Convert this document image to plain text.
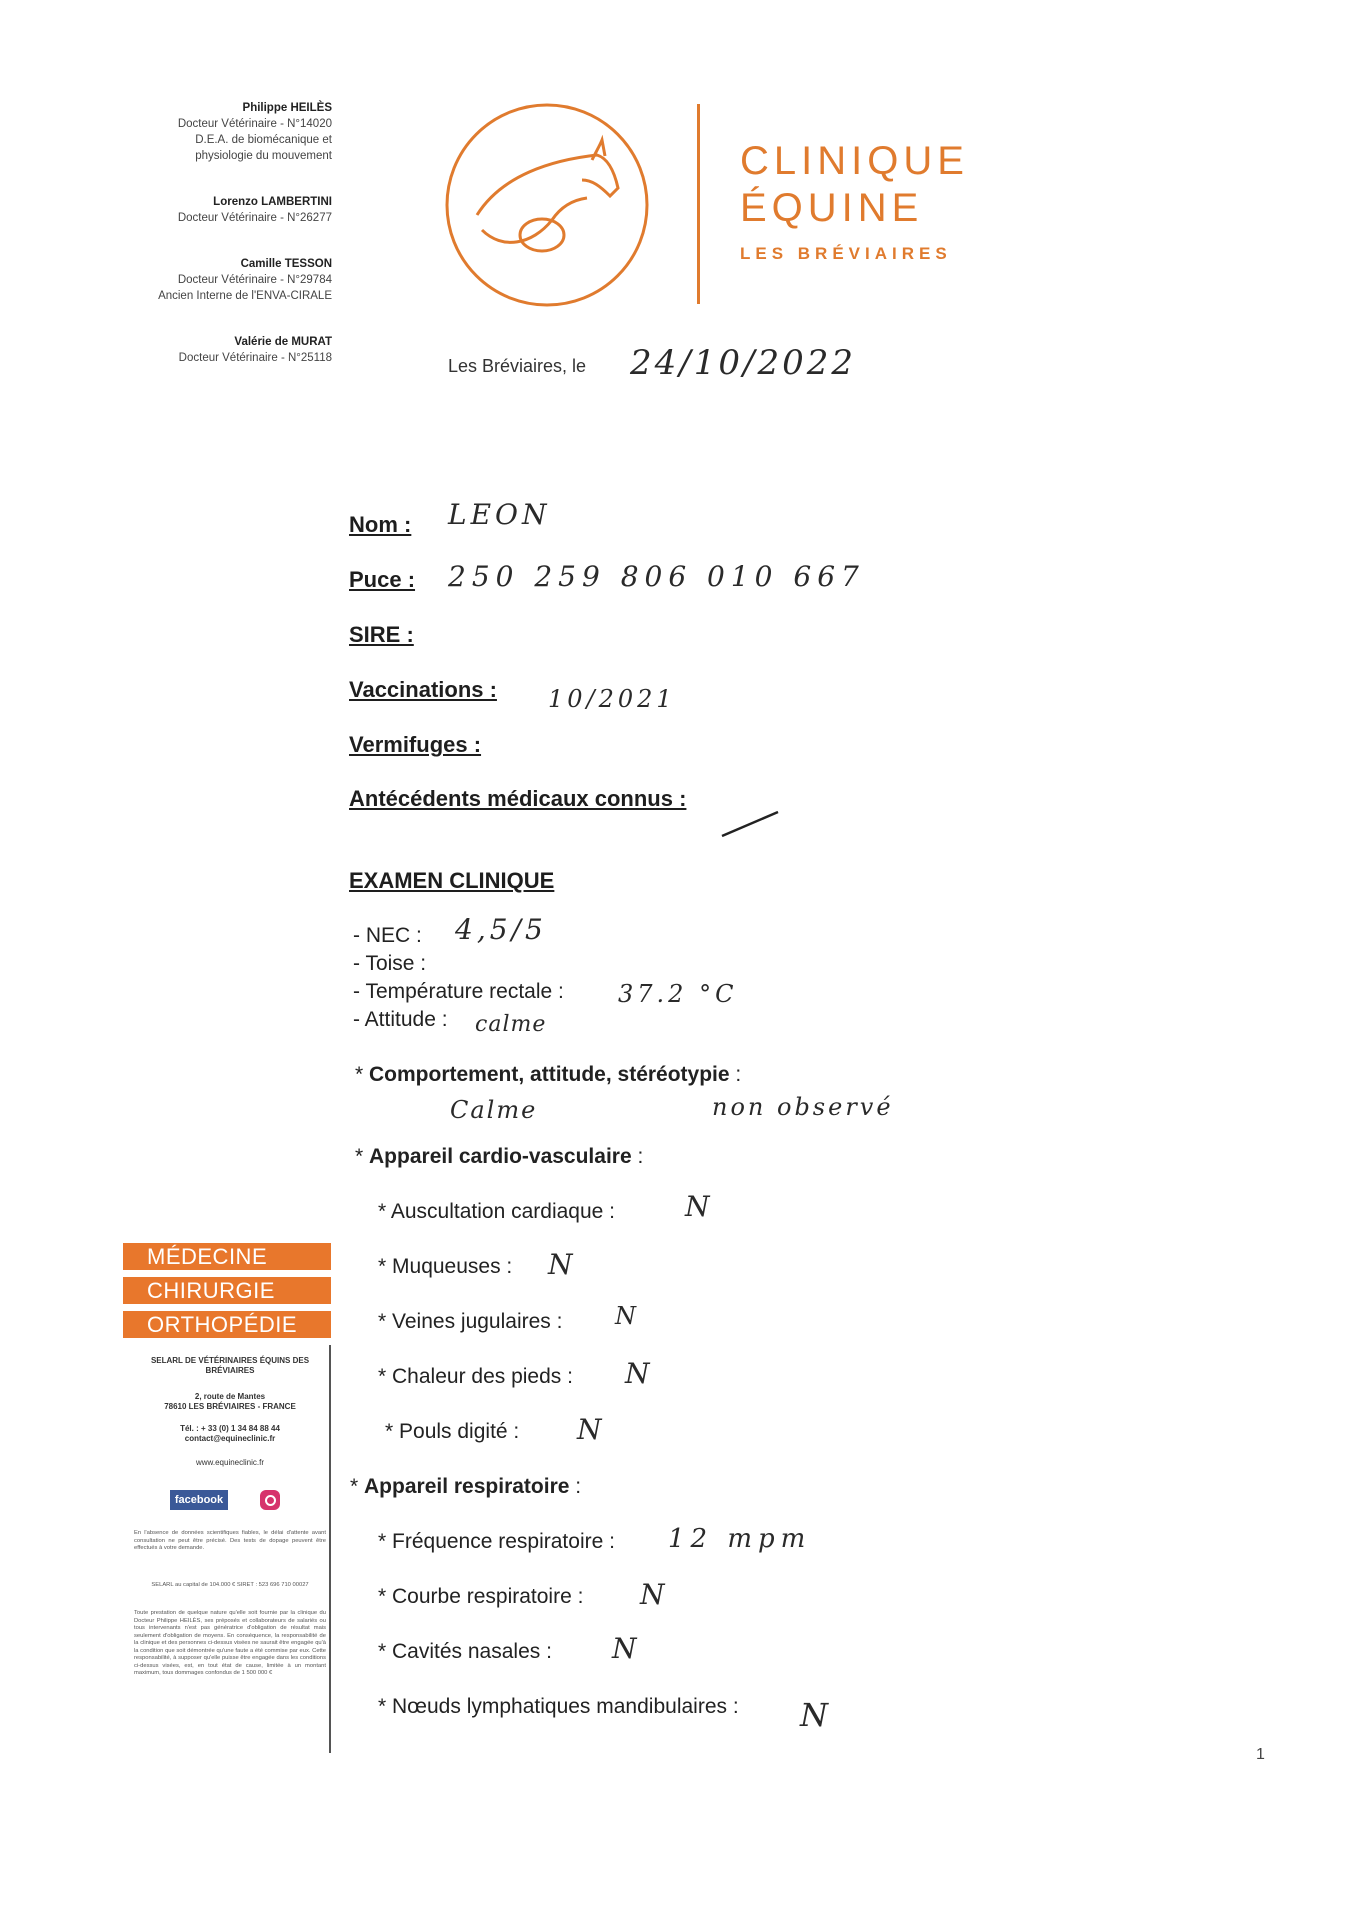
Philippe HEILÈS
Docteur Vétérinaire - N°14020
D.E.A. de biomécanique et
physiologie du mouvement
Lorenzo LAMBERTINI
Docteur Vétérinaire - N°26277
Camille TESSON
Docteur Vétérinaire - N°29784
Ancien Interne de l'ENVA-CIRALE
Valérie de MURAT
Docteur Vétérinaire - N°25118
CLINIQUE
ÉQUINE
LES BRÉVIAIRES
Les Bréviaires, le 24/10/2022
Nom : LEON
Puce : 250 259 806 010 667
SIRE :
Vaccinations : 10/2021
Vermifuges :
Antécédents médicaux connus :
EXAMEN CLINIQUE
- NEC : 4,5/5
- Toise :
- Température rectale : 37.2 °C
- Attitude : calme
* Comportement, attitude, stéréotypie :
Calme	non observé
* Appareil cardio-vasculaire :
* Auscultation cardiaque :	N
* Muqueuses : N
* Veines jugulaires : N
* Chaleur des pieds : N
* Pouls digité : N
* Appareil respiratoire :
* Fréquence respiratoire : 12 mpm
* Courbe respiratoire : N
* Cavités nasales : N
* Nœuds lymphatiques mandibulaires : N
MÉDECINE
CHIRURGIE
ORTHOPÉDIE
SELARL DE VÉTÉRINAIRES ÉQUINS DES BRÉVIAIRES
2, route de Mantes
78610 LES BRÉVIAIRES - FRANCE
Tél. : + 33 (0) 1 34 84 88 44
contact@equineclinic.fr
www.equineclinic.fr
facebook
En l'absence de données scientifiques fiables, le délai d'attente avant consultation ne peut être précisé. Des tests de dopage peuvent être effectués à votre demande.
SELARL au capital de 104.000 € SIRET : 523 696 710 00027
Toute prestation de quelque nature qu'elle soit fournie par la clinique du Docteur Philippe HEILÈS, ses préposés et collaborateurs de salariés ou tous intervenants n'est pas génératrice d'obligation de résultat mais seulement d'obligation de moyens. En conséquence, la responsabilité de la clinique et des personnes ci-dessus visées ne saurait être engagée qu'à la condition que soit démontrée qu'une faute a été commise par eux. Cette responsabilité, à supposer qu'elle puisse être engagée dans les conditions ci-dessus visées, est, en tout état de cause, limitée à un montant maximum, tous dommages confondus de 1 500 000 €
1
